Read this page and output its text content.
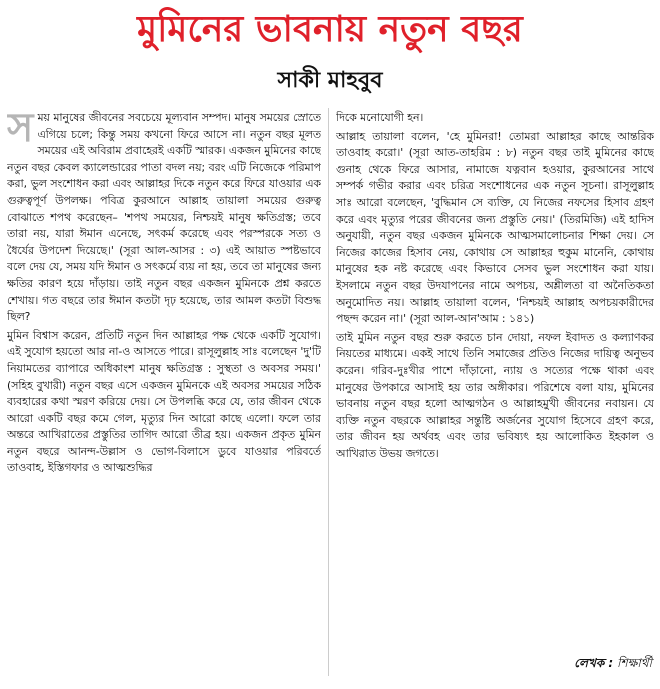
মুমিনের ভাবনায় নতুন বছর
সাকী মাহবুব
স ময় মানুষের জীবনের সবচেয়ে মূল্যবান সম্পদ। মানুষ সময়ের স্রোতে এগিয়ে চলে; কিন্তু সময় কখনো ফিরে আসে না। নতুন বছর মূলত সময়ের এই অবিরাম প্রবাহেরই একটি স্মারক। একজন মুমিনের কাছে নতুন বছর কেবল ক্যালেন্ডারের পাতা বদল নয়; বরং এটি নিজেকে পরিমাপ করা, ভুল সংশোধন করা এবং আল্লাহর দিকে নতুন করে ফিরে যাওয়ার এক গুরুত্বপূর্ণ উপলক্ষ। পবিত্র কুরআনে আল্লাহ তায়ালা সময়ের গুরুত্ব বোঝাতে শপথ করেছেন– 'শপথ সময়ের, নিশ্চয়ই মানুষ ক্ষতিগ্রস্ত; তবে তারা নয়, যারা ঈমান এনেছে, সৎকর্ম করেছে এবং পরস্পরকে সত্য ও ধৈর্যের উপদেশ দিয়েছে।' (সূরা আল-আসর : ৩) এই আয়াত স্পষ্টভাবে বলে দেয় যে, সময় যদি ঈমান ও সৎকর্মে ব্যয় না হয়, তবে তা মানুষের জন্য ক্ষতির কারণ হয়ে দাঁড়ায়। তাই নতুন বছর একজন মুমিনকে প্রশ্ন করতে শেখায়। গত বছরে তার ঈমান কতটা দৃঢ় হয়েছে, তার আমল কতটা বিশুদ্ধ ছিল?

মুমিন বিশ্বাস করেন, প্রতিটি নতুন দিন আল্লাহর পক্ষ থেকে একটি সুযোগ। এই সুযোগ হয়তো আর না-ও আসতে পারে। রাসূলুল্লাহ সাঃ বলেছেন 'দু'টি নিয়ামতের ব্যাপারে অধিকাংশ মানুষ ক্ষতিগ্রস্ত : সুস্থতা ও অবসর সময়।' (সহিহ বুখারী) নতুন বছর এসে একজন মুমিনকে এই অবসর সময়ের সঠিক ব্যবহারের কথা স্মরণ করিয়ে দেয়। সে উপলব্ধি করে যে, তার জীবন থেকে আরো একটি বছর কমে গেল, মৃত্যুর দিন আরো কাছে এলো। ফলে তার অন্তরে আখিরাতের প্রস্তুতির তাগিদ আরো তীব্র হয়। একজন প্রকৃত মুমিন নতুন বছরে আনন্দ-উল্লাস ও ভোগ-বিলাসে ডুবে যাওয়ার পরিবর্তে তাওবাহ, ইস্তিগফার ও আত্মশুদ্ধির

দিকে মনোযোগী হন।

আল্লাহ তায়ালা বলেন, 'হে মুমিনরা! তোমরা আল্লাহর কাছে আন্তরিক তাওবাহ করো।' (সূরা আত-তাহরিম : ৮) নতুন বছর তাই মুমিনের কাছে গুনাহ থেকে ফিরে আসার, নামাজে যত্নবান হওয়ার, কুরআনের সাথে সম্পর্ক গভীর করার এবং চরিত্র সংশোধনের এক নতুন সূচনা। রাসূলুল্লাহ সাঃ আরো বলেছেন, 'বুদ্ধিমান সে ব্যক্তি, যে নিজের নফসের হিসাব গ্রহণ করে এবং মৃত্যুর পরের জীবনের জন্য প্রস্তুতি নেয়।' (তিরমিজি) এই হাদিস অনুযায়ী, নতুন বছর একজন মুমিনকে আত্মসমালোচনার শিক্ষা দেয়। সে নিজের কাজের হিসাব নেয়, কোথায় সে আল্লাহর হুকুম মানেনি, কোথায় মানুষের হক নষ্ট করেছে এবং কিভাবে সেসব ভুল সংশোধন করা যায়। ইসলামে নতুন বছর উদযাপনের নামে অপচয়, অশ্লীলতা বা অনৈতিকতা অনুমোদিত নয়। আল্লাহ তায়ালা বলেন, 'নিশ্চয়ই আল্লাহ অপচয়কারীদের পছন্দ করেন না।' (সূরা আল-আন'আম : ১৪১)

তাই মুমিন নতুন বছর শুরু করতে চান দোয়া, নফল ইবাদত ও কল্যাণকর নিয়তের মাধ্যমে। একই সাথে তিনি সমাজের প্রতিও নিজের দায়িত্ব অনুভব করেন। গরিব-দুঃখীর পাশে দাঁড়ানো, ন্যায় ও সত্যের পক্ষে থাকা এবং মানুষের উপকারে আসাই হয় তার অঙ্গীকার। পরিশেষে বলা যায়, মুমিনের ভাবনায় নতুন বছর হলো আত্মগঠন ও আল্লাহমুখী জীবনের নবায়ন। যে ব্যক্তি নতুন বছরকে আল্লাহর সন্তুষ্টি অর্জনের সুযোগ হিসেবে গ্রহণ করে, তার জীবন হয় অর্থবহ এবং তার ভবিষ্যৎ হয় আলোকিত ইহকাল ও আখিরাত উভয় জগতে।

লেখক : শিক্ষার্থী
